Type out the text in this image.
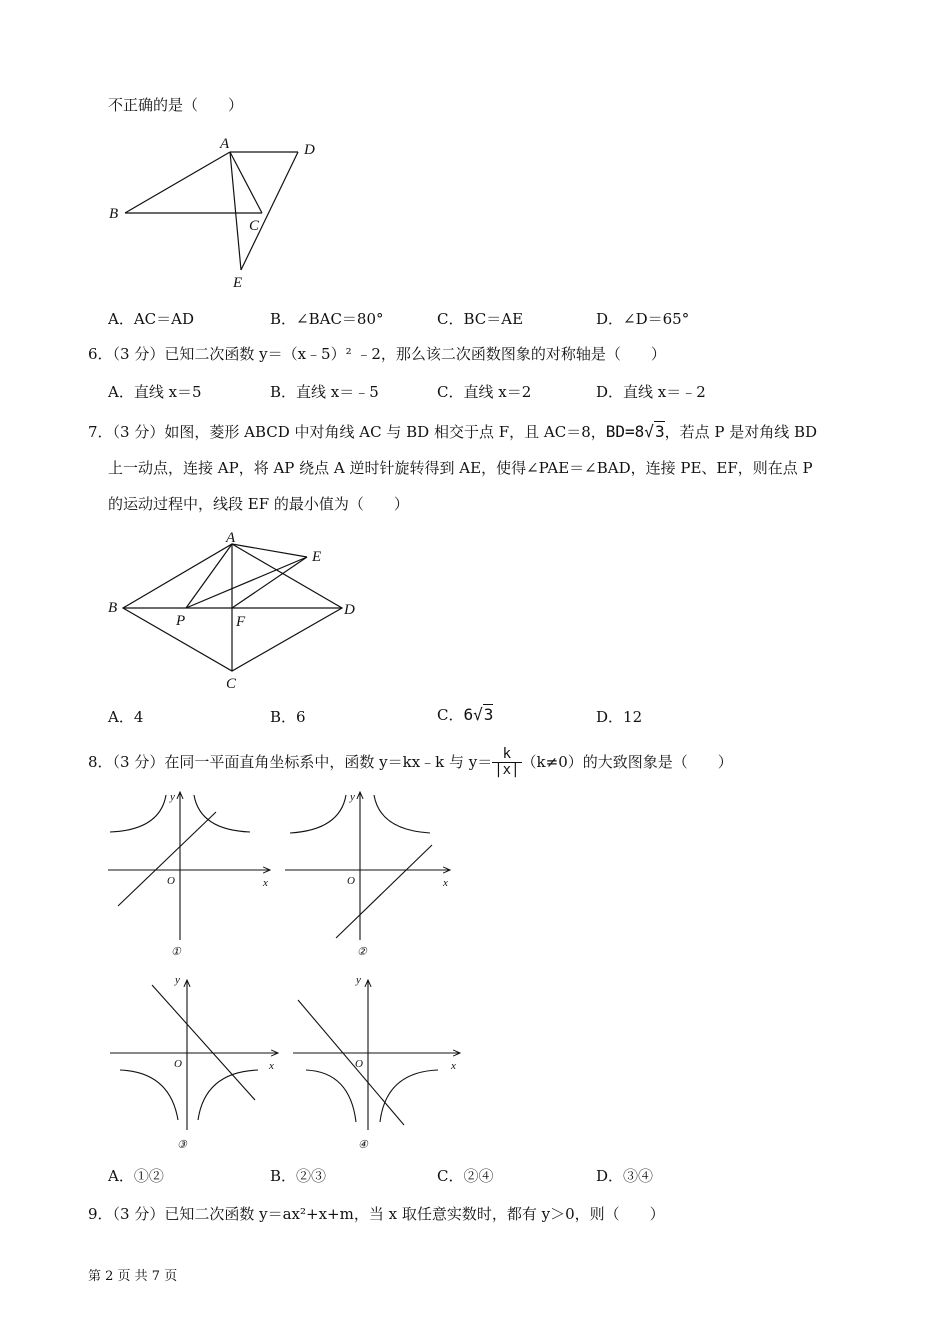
不正确的是（　　）
A	D
B
C
E
A．AC＝AD	B．∠BAC＝80°	C．BC＝AE	D．∠D＝65°
6．（3 分）已知二次函数 y＝（x﹣5）² ﹣2，那么该二次函数图象的对称轴是（　　）
A．直线 x＝5	B．直线 x＝﹣5	C．直线 x＝2	D．直线 x＝﹣2
7．（3 分）如图，菱形 ABCD 中对角线 AC 与 BD 相交于点 F，且 AC＝8，BD=8√3，若点 P 是对角线 BD
上一动点，连接 AP，将 AP 绕点 A 逆时针旋转得到 AE，使得∠PAE＝∠BAD，连接 PE、EF，则在点 P
的运动过程中，线段 EF 的最小值为（　　）
A
E
B	D
P	F
C
A．4	B．6	C．6√3	D．12
8．（3 分）在同一平面直角坐标系中，函数 y＝kx﹣k 与 $y= \frac{k}{|x|} (k\ne 0)$的大致图象是（　　）
y
x
O
①
y
x
O
②
y
x
O
③
y
x
O
④
A．①②	B．②③	C．②④	D．③④
9．（3 分）已知二次函数 y＝ax²+x+m，当 x 取任意实数时，都有 y＞0，则（　　）
第 2 页 共 7 页
